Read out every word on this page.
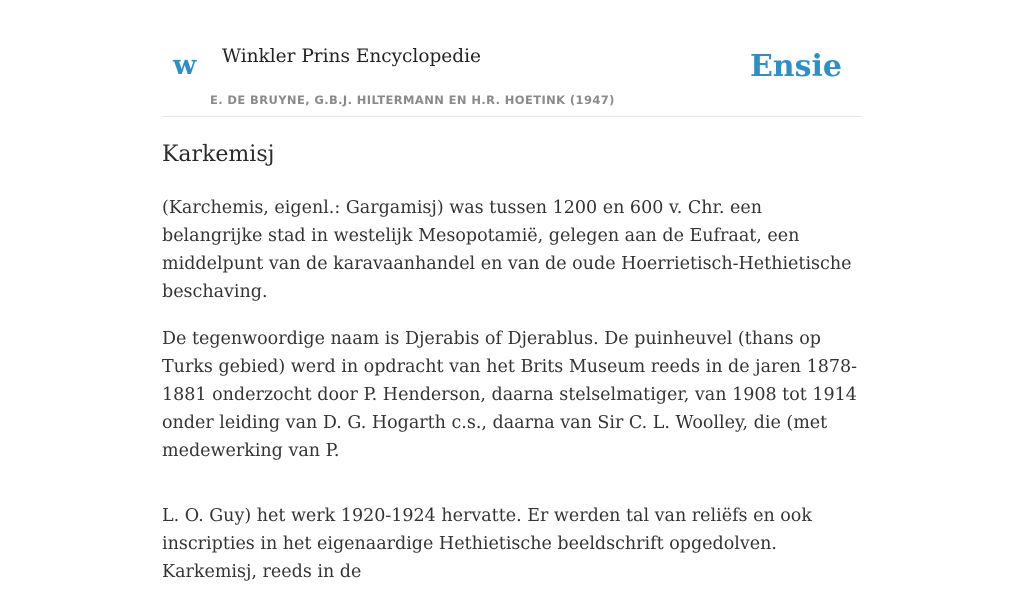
w Winkler Prins Encyclopedie
E. DE BRUYNE, G.B.J. HILTERMANN EN H.R. HOETINK (1947)
Ensie
Karkemisj

(Karchemis, eigenl.: Gargamisj) was tussen 1200 en 600 v. Chr. een belangrijke stad in westelijk Mesopotamië, gelegen aan de Eufraat, een middelpunt van de karavaanhandel en van de oude Hoerrietisch-Hethietische beschaving.

De tegenwoordige naam is Djerabis of Djerablus. De puinheuvel (thans op Turks gebied) werd in opdracht van het Brits Museum reeds in de jaren 1878-1881 onderzocht door P. Henderson, daarna stelselmatiger, van 1908 tot 1914 onder leiding van D. G. Hogarth c.s., daarna van Sir C. L. Woolley, die (met medewerking van P.

L. O. Guy) het werk 1920-1924 hervatte. Er werden tal van reliëfs en ook inscripties in het eigenaardige Hethietische beeldschrift opgedolven. Karkemisj, reeds in de
